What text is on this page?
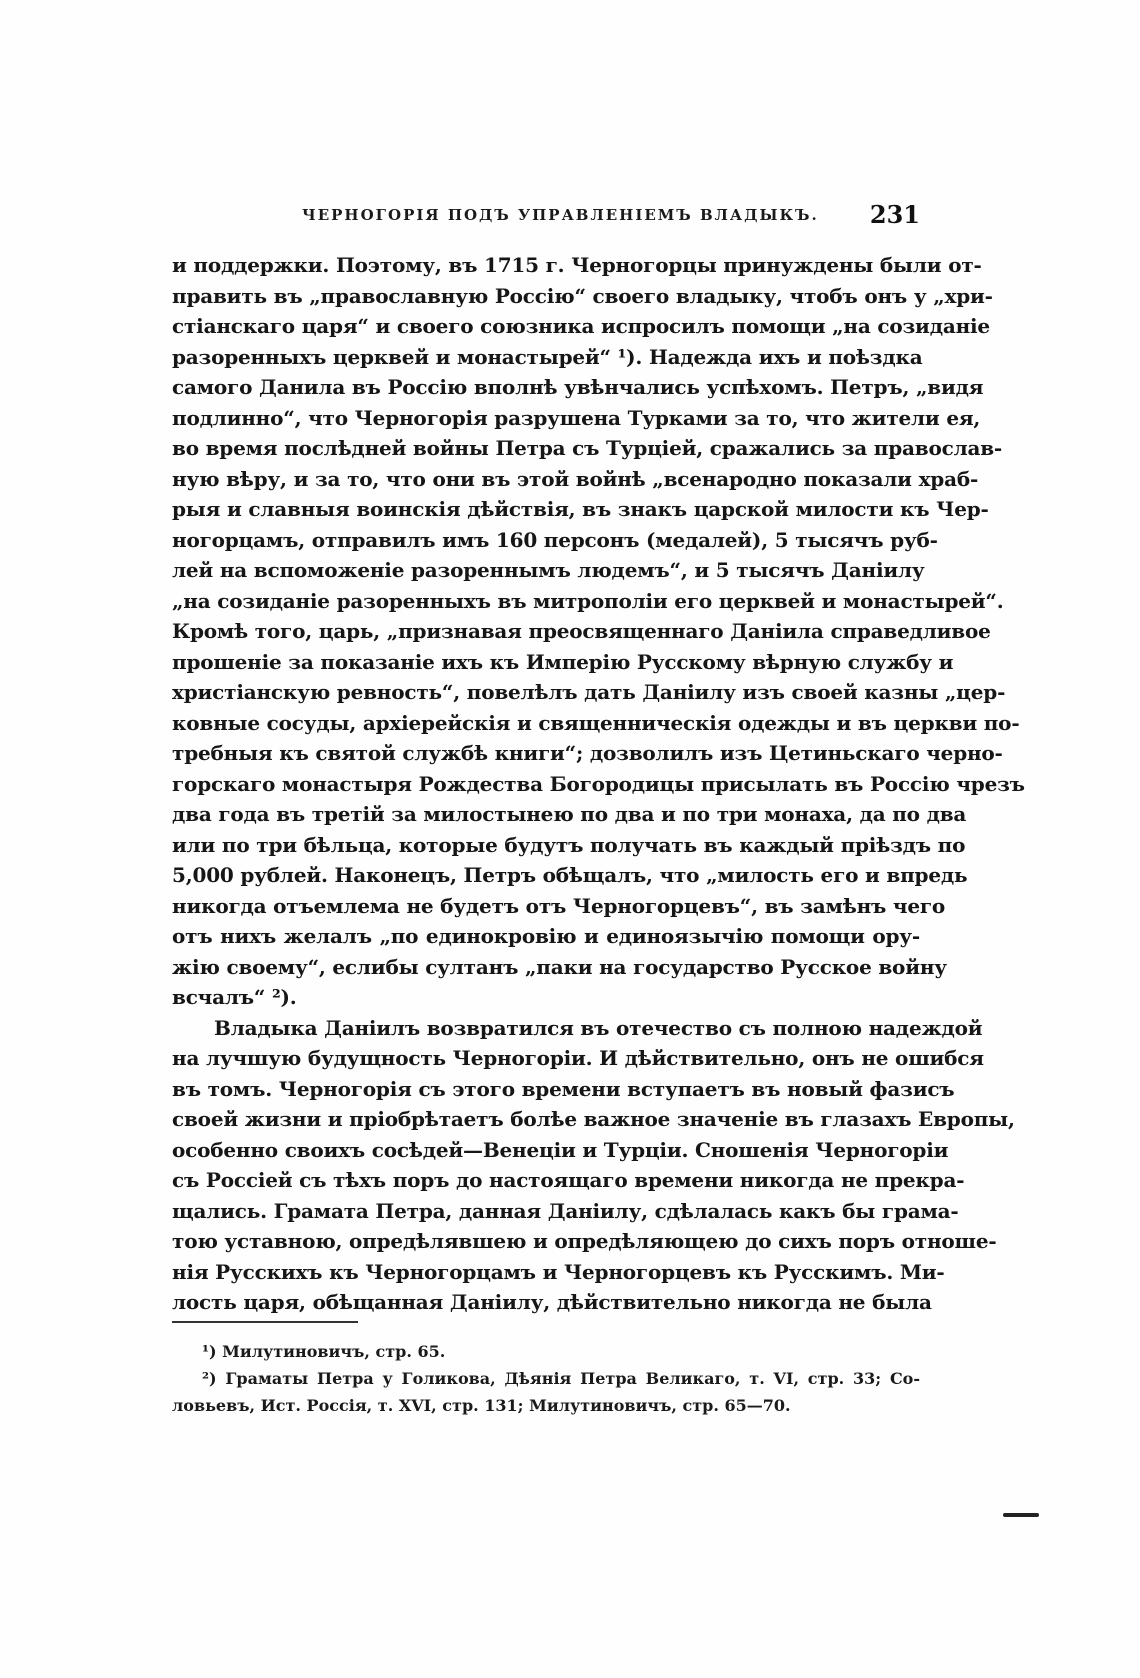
ЧЕРНОГОРІЯ ПОДЪ УПРАВЛЕНІЕМЪ ВЛАДЫКЪ. 231
и поддержки. Поэтому, въ 1715 г. Черногорцы принуждены были от-
править въ „православную Россію“ своего владыку, чтобъ онъ у „хри-
стіанскаго царя“ и своего союзника испросилъ помощи „на созиданіе
разоренныхъ церквей и монастырей“ ¹). Надежда ихъ и поѣздка
самого Данила въ Россію вполнѣ увѣнчались успѣхомъ. Петръ, „видя
подлинно“, что Черногорія разрушена Турками за то, что жители ея,
во время послѣдней войны Петра съ Турціей, сражались за православ-
ную вѣру, и за то, что они въ этой войнѣ „всенародно показали храб-
рыя и славныя воинскія дѣйствія, въ знакъ царской милости къ Чер-
ногорцамъ, отправилъ имъ 160 персонъ (медалей), 5 тысячъ руб-
лей на вспоможеніе разореннымъ людемъ“, и 5 тысячъ Даніилу
„на созиданіе разоренныхъ въ митрополіи его церквей и монастырей“.
Кромѣ того, царь, „признавая преосвященнаго Даніила справедливое
прошеніе за показаніе ихъ къ Имперію Русскому вѣрную службу и
христіанскую ревность“, повелѣлъ дать Даніилу изъ своей казны „цер-
ковные сосуды, архіерейскія и священническія одежды и въ церкви по-
требныя къ святой службѣ книги“; дозволилъ изъ Цетиньскаго черно-
горскаго монастыря Рождества Богородицы присылать въ Россію чрезъ
два года въ третій за милостынею по два и по три монаха, да по два
или по три бѣльца, которые будутъ получать въ каждый пріѣздъ по
5,000 рублей. Наконецъ, Петръ обѣщалъ, что „милость его и впредь
никогда отъемлема не будетъ отъ Черногорцевъ“, въ замѣнъ чего
отъ нихъ желалъ „по единокровію и единоязычію помощи ору-
жію своему“, еслибы султанъ „паки на государство Русское войну
всчалъ“ ²).
Владыка Даніилъ возвратился въ отечество съ полною надеждой
на лучшую будущность Черногоріи. И дѣйствительно, онъ не ошибся
въ томъ. Черногорія съ этого времени вступаетъ въ новый фазисъ
своей жизни и пріобрѣтаетъ болѣе важное значеніе въ глазахъ Европы,
особенно своихъ сосѣдей—Венеціи и Турціи. Сношенія Черногоріи
съ Россіей съ тѣхъ поръ до настоящаго времени никогда не прекра-
щались. Грамата Петра, данная Даніилу, сдѣлалась какъ бы грама-
тою уставною, опредѣлявшею и опредѣляющею до сихъ поръ отноше-
нія Русскихъ къ Черногорцамъ и Черногорцевъ къ Русскимъ. Ми-
лость царя, обѣщанная Даніилу, дѣйствительно никогда не была
¹) Милутиновичъ, стр. 65.
²) Граматы Петра у Голикова, Дѣянія Петра Великаго, т. VI, стр. 33; Со-
ловьевъ, Ист. Россія, т. XVI, стр. 131; Милутиновичъ, стр. 65—70.
